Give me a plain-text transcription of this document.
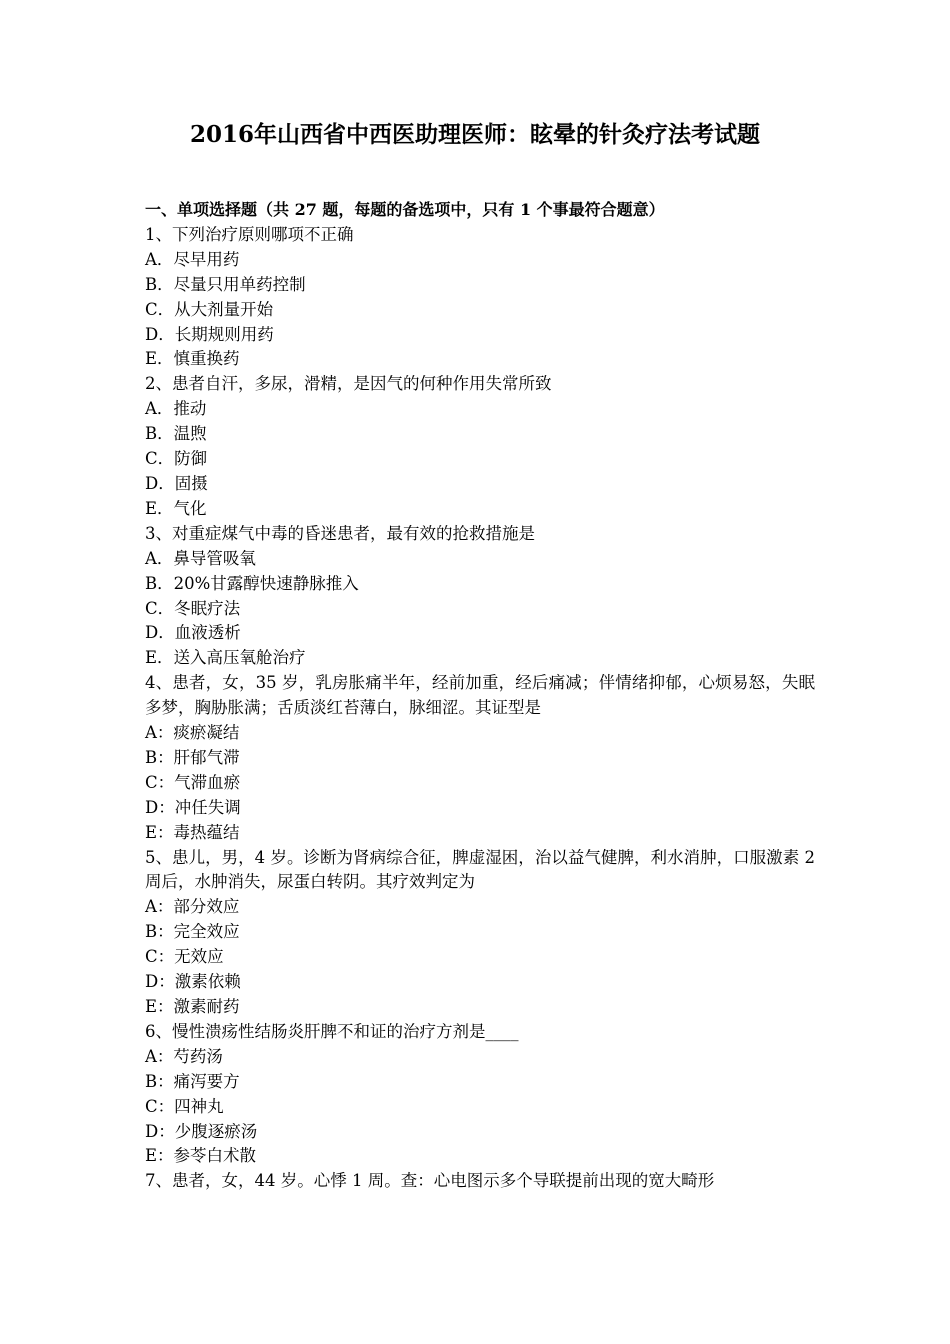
2016年山西省中西医助理医师：眩晕的针灸疗法考试题
一、单项选择题（共 27 题，每题的备选项中，只有 1 个事最符合题意）
1、下列治疗原则哪项不正确
A．尽早用药
B．尽量只用单药控制
C．从大剂量开始
D．长期规则用药
E．慎重换药
2、患者自汗，多尿，滑精，是因气的何种作用失常所致
A．推动
B．温煦
C．防御
D．固摄
E．气化
3、对重症煤气中毒的昏迷患者，最有效的抢救措施是
A．鼻导管吸氧
B．20%甘露醇快速静脉推入
C．冬眠疗法
D．血液透析
E．送入高压氧舱治疗
4、患者，女，35 岁，乳房胀痛半年，经前加重，经后痛减；伴情绪抑郁，心烦易怒，失眠多梦，胸胁胀满；舌质淡红苔薄白，脉细涩。其证型是
A：痰瘀凝结
B：肝郁气滞
C：气滞血瘀
D：冲任失调
E：毒热蕴结
5、患儿，男，4 岁。诊断为肾病综合征，脾虚湿困，治以益气健脾，利水消肿，口服激素 2 周后，水肿消失，尿蛋白转阴。其疗效判定为
A：部分效应
B：完全效应
C：无效应
D：激素依赖
E：激素耐药
6、慢性溃疡性结肠炎肝脾不和证的治疗方剂是____
A：芍药汤
B：痛泻要方
C：四神丸
D：少腹逐瘀汤
E：参苓白术散
7、患者，女，44 岁。心悸 1 周。查：心电图示多个导联提前出现的宽大畸形
